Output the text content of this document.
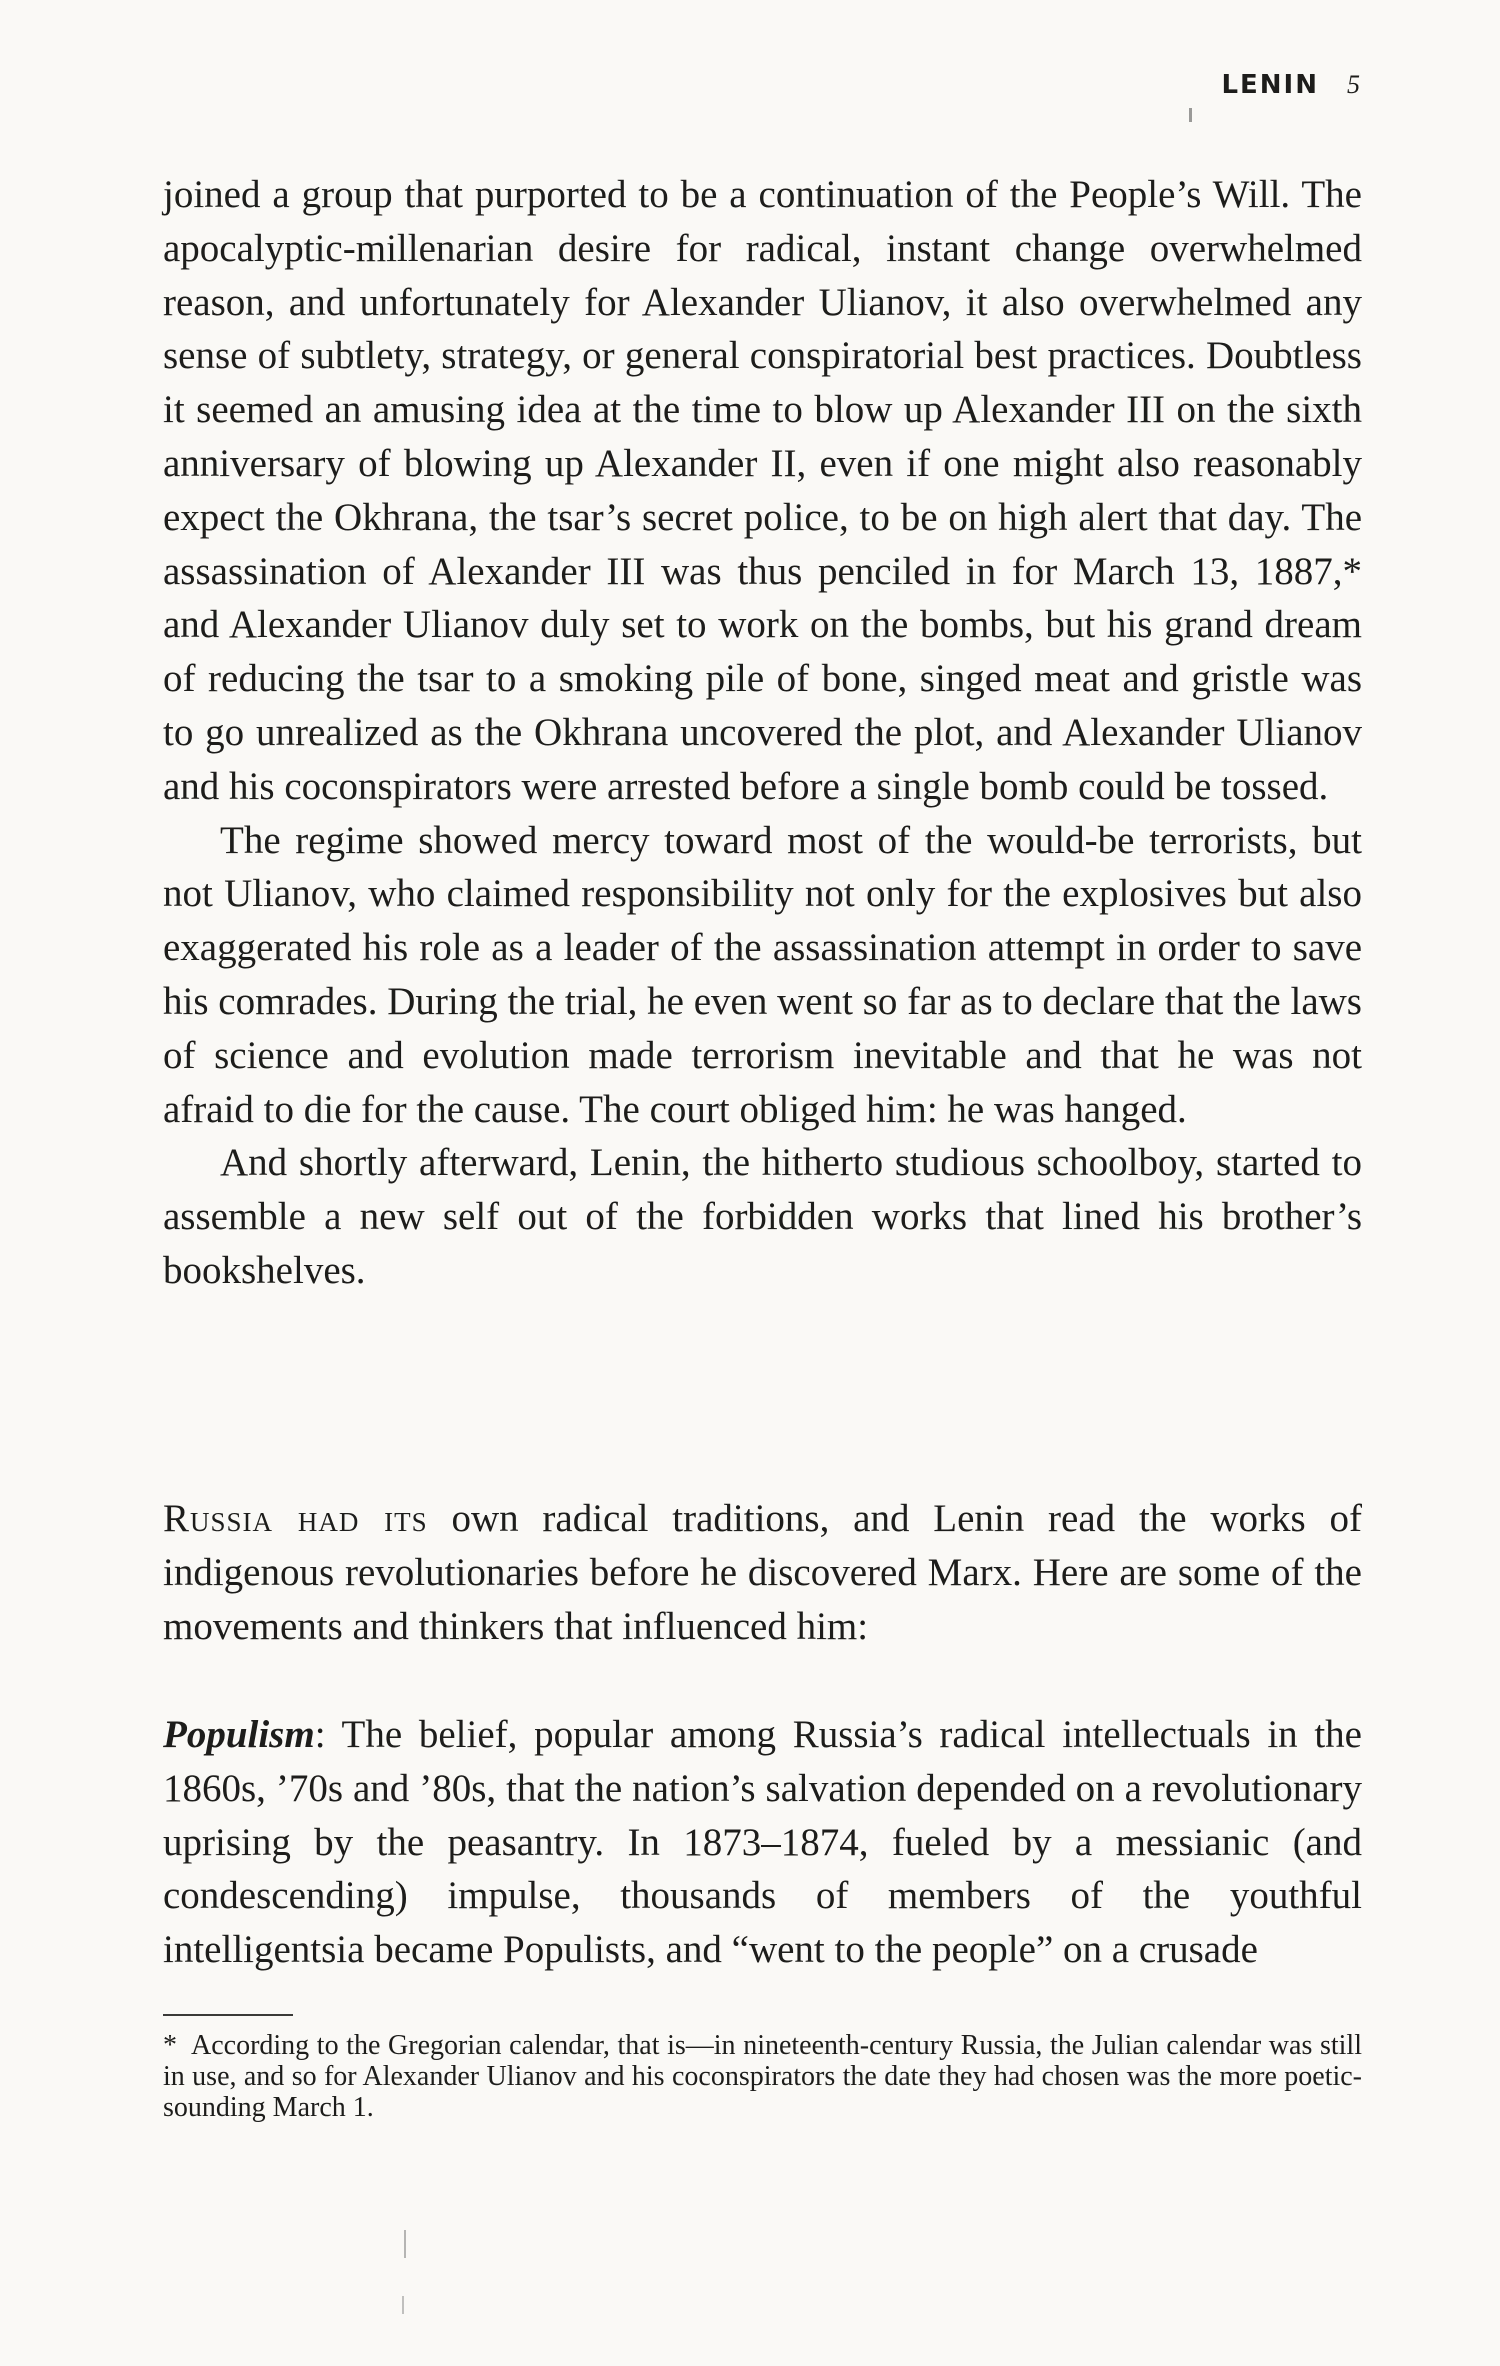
LENIN 5

joined a group that purported to be a continuation of the People’s Will. The apocalyptic-millenarian desire for radical, instant change overwhelmed reason, and unfortunately for Alexander Ulianov, it also overwhelmed any sense of subtlety, strategy, or general conspiratorial best practices. Doubtless it seemed an amusing idea at the time to blow up Alexander III on the sixth anniversary of blowing up Alexander II, even if one might also reasonably expect the Okhrana, the tsar’s secret police, to be on high alert that day. The assassination of Alexander III was thus penciled in for March 13, 1887,* and Alexander Ulianov duly set to work on the bombs, but his grand dream of reducing the tsar to a smoking pile of bone, singed meat and gristle was to go unrealized as the Okhrana uncovered the plot, and Alexander Ulianov and his coconspirators were arrested before a single bomb could be tossed.

The regime showed mercy toward most of the would-be terrorists, but not Ulianov, who claimed responsibility not only for the explosives but also exaggerated his role as a leader of the assassination attempt in order to save his comrades. During the trial, he even went so far as to declare that the laws of science and evolution made terrorism inevitable and that he was not afraid to die for the cause. The court obliged him: he was hanged.

And shortly afterward, Lenin, the hitherto studious schoolboy, started to assemble a new self out of the forbidden works that lined his brother’s bookshelves.

Russia had its own radical traditions, and Lenin read the works of indigenous revolutionaries before he discovered Marx. Here are some of the movements and thinkers that influenced him:

Populism: The belief, popular among Russia’s radical intellectuals in the 1860s, ’70s and ’80s, that the nation’s salvation depended on a revolutionary uprising by the peasantry. In 1873–1874, fueled by a messianic (and condescending) impulse, thousands of members of the youthful intelligentsia became Populists, and “went to the people” on a crusade

* According to the Gregorian calendar, that is—in nineteenth-century Russia, the Julian calendar was still in use, and so for Alexander Ulianov and his coconspirators the date they had chosen was the more poetic-sounding March 1.
